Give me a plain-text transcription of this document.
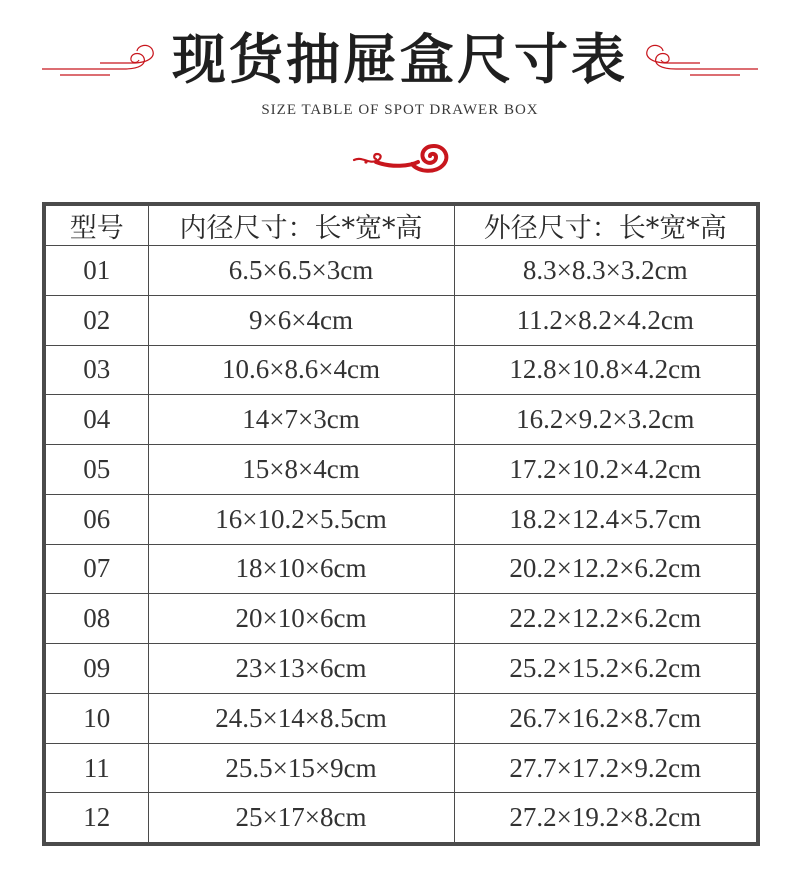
现货抽屉盒尺寸表
SIZE TABLE OF SPOT DRAWER BOX
型号	内径尺寸：长*宽*高	外径尺寸：长*宽*高
01	6.5×6.5×3cm	8.3×8.3×3.2cm
02	9×6×4cm	11.2×8.2×4.2cm
03	10.6×8.6×4cm	12.8×10.8×4.2cm
04	14×7×3cm	16.2×9.2×3.2cm
05	15×8×4cm	17.2×10.2×4.2cm
06	16×10.2×5.5cm	18.2×12.4×5.7cm
07	18×10×6cm	20.2×12.2×6.2cm
08	20×10×6cm	22.2×12.2×6.2cm
09	23×13×6cm	25.2×15.2×6.2cm
10	24.5×14×8.5cm	26.7×16.2×8.7cm
11	25.5×15×9cm	27.7×17.2×9.2cm
12	25×17×8cm	27.2×19.2×8.2cm
